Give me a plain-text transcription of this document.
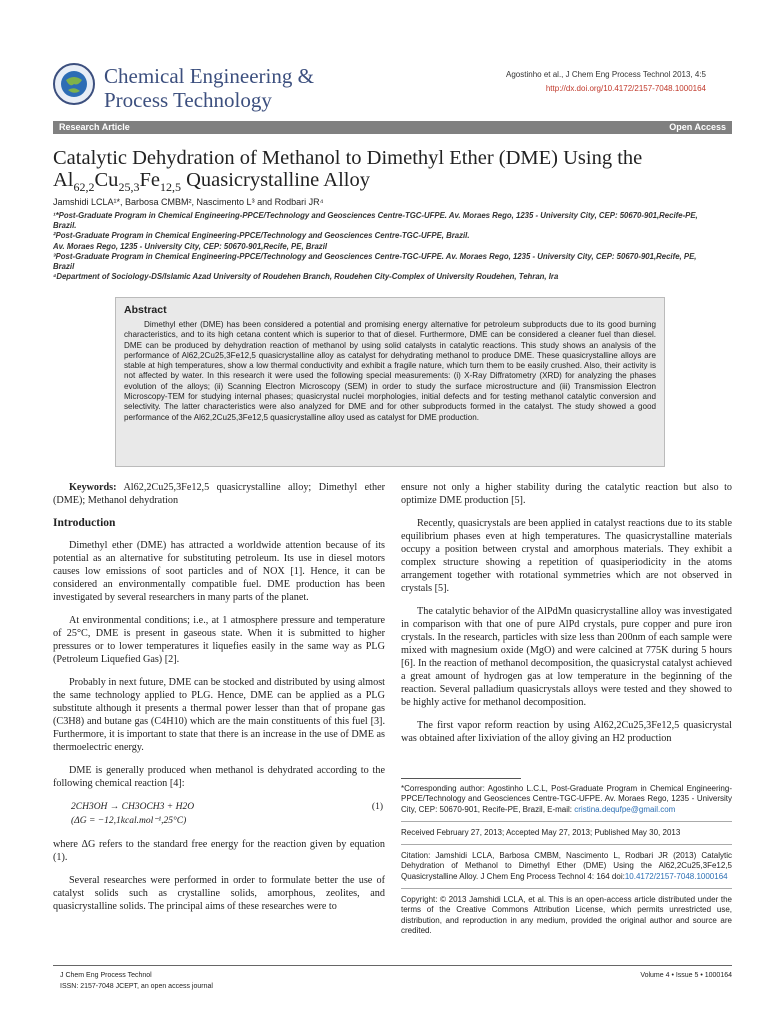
Chemical Engineering &
Process Technology
Agostinho et al., J Chem Eng Process Technol 2013, 4:5
http://dx.doi.org/10.4172/2157-7048.1000164
Research Article	Open Access
Catalytic Dehydration of Methanol to Dimethyl Ether (DME) Using the
$Al_{62,2}Cu_{25,3}Fe_{12,5}$ Quasicrystalline Alloy
Jamshidi LCLA¹*, Barbosa CMBM², Nascimento L³ and Rodbari JR⁴

¹*Post-Graduate Program in Chemical Engineering-PPCE/Technology and Geosciences Centre-TGC-UFPE. Av. Moraes Rego, 1235 - University City, CEP: 50670-901,Recife-PE, Brazil.

²Post-Graduate Program in Chemical Engineering-PPCE/Technology and Geosciences Centre-TGC-UFPE, Brazil.

Av. Moraes Rego, 1235 - University City, CEP: 50670-901,Recife, PE, Brazil

³Post-Graduate Program in Chemical Engineering-PPCE/Technology and Geosciences Centre-TGC-UFPE. Av. Moraes Rego, 1235 - University City, CEP: 50670-901,Recife, PE, Brazil

⁴Department of Sociology-DS/Islamic Azad University of Roudehen Branch, Roudehen City-Complex of University Roudehen, Tehran, Ira

Abstract

Dimethyl ether (DME) has been considered a potential and promising energy alternative for petroleum subproducts due to its good burning characteristics, and to its high cetana content which is superior to that of diesel. Furthermore, DME can be considered a cleaner fuel than diesel. DME can be produced by dehydration reaction of methanol by using solid catalysts in catalytic reactions. This study shows an analysis of the performance of Al62,2Cu25,3Fe12,5 quasicrystalline alloy as catalyst for dehydrating methanol to produce DME. These quasicrystalline alloys are stable at high temperatures, show a low thermal conductivity and exhibit a fragile nature, which turn them to be easily crushed. Also, their activity is not affected by water. In this research it were used the following special measurements: (i) X-Ray Diffratometry (XRD) for analyzing the phases evolution of the alloys; (ii) Scanning Electron Microscopy (SEM) in order to study the surface microstructure and (iii) Transmission Electron Microscopy-TEM for studying internal phases; quasicrystal nuclei morphologies, initial defects and for testing methanol catalytic conversion and selectivity. The latter characteristics were also analyzed for DME and for other subproducts formed in the catalyst. The study showed a good performance of the Al62,2Cu25,3Fe12,5 quasicrystalline alloy used as catalyst for DME production.

Keywords: Al62,2Cu25,3Fe12,5 quasicrystalline alloy; Dimethyl ether (DME); Methanol dehydration

Introduction

Dimethyl ether (DME) has attracted a worldwide attention because of its potential as an alternative for substituting petroleum. Its use in diesel motors causes low emissions of soot particles and of NOX [1]. Hence, it can be considered an environmentally compatible fuel. DME production has been investigated by several researchers in many parts of the planet.

At environmental conditions; i.e., at 1 atmosphere pressure and temperature of 25°C, DME is present in gaseous state. When it is submitted to higher pressures or to lower temperatures it liquefies easily in the same way as PLG (Petroleum Liquefied Gas) [2].

Probably in next future, DME can be stocked and distributed by using almost the same technology applied to PLG. Hence, DME can be applied as a PLG substitute although it presents a thermal power lesser than that of propane gas (C3H8) and butane gas (C4H10) which are the main constituents of this fuel [3]. Furthermore, it is important to state that there is an increase in the use of DME as thermoelectric energy.

DME is generally produced when methanol is dehydrated according to the following chemical reaction [4]:

2CH3OH → CH3OCH3 + H2O
(ΔG = −12,1kcal.mol⁻¹,25°C)
(1)

where ΔG refers to the standard free energy for the reaction given by equation (1).

Several researches were performed in order to formulate better the use of catalyst solids such as crystalline solids, amorphous, zeolites, and quasicrystalline solids. The principal aims of these researches were to

ensure not only a higher stability during the catalytic reaction but also to optimize DME production [5].

Recently, quasicrystals are been applied in catalyst reactions due to its stable equilibrium phases even at high temperatures. The quasicrystalline materials occupy a position between crystal and amorphous materials. They exhibit a complex structure showing a repetition of quasiperiodicity in the atoms arrangement together with rotational symmetries which are not observed in crystals [5].

The catalytic behavior of the AlPdMn quasicrystalline alloy was investigated in comparison with that one of pure AlPd crystals, pure copper and pure iron crystals. In the research, particles with size less than 200nm of each sample were mixed with magnesium oxide (MgO) and were calcined at 775K during 5 hours [6]. In the reaction of methanol decomposition, the quasicrystal catalyst achieved a great amount of hydrogen gas at low temperature in the beginning of the reaction. Several palladium quasicrystals alloys were tested and they showed to be highly active for methanol decomposition.

The first vapor reform reaction by using Al62,2Cu25,3Fe12,5 quasicrystal was obtained after lixiviation of the alloy giving an H2 production

*Corresponding author: Agostinho L.C.L, Post-Graduate Program in Chemical Engineering-PPCE/Technology and Geosciences Centre-TGC-UFPE. Av. Moraes Rego, 1235 - University City, CEP: 50670-901, Recife-PE, Brazil, E-mail: cristina.dequfpe@gmail.com

Received February 27, 2013; Accepted May 27, 2013; Published May 30, 2013

Citation: Jamshidi LCLA, Barbosa CMBM, Nascimento L, Rodbari JR (2013) Catalytic Dehydration of Methanol to Dimethyl Ether (DME) Using the Al62,2Cu25,3Fe12,5 Quasicrystalline Alloy. J Chem Eng Process Technol 4: 164 doi:10.4172/2157-7048.1000164

Copyright: © 2013 Jamshidi LCLA, et al. This is an open-access article distributed under the terms of the Creative Commons Attribution License, which permits unrestricted use, distribution, and reproduction in any medium, provided the original author and source are credited.

J Chem Eng Process Technol
ISSN: 2157-7048 JCEPT, an open access journal
Volume 4 • Issue 5 • 1000164
